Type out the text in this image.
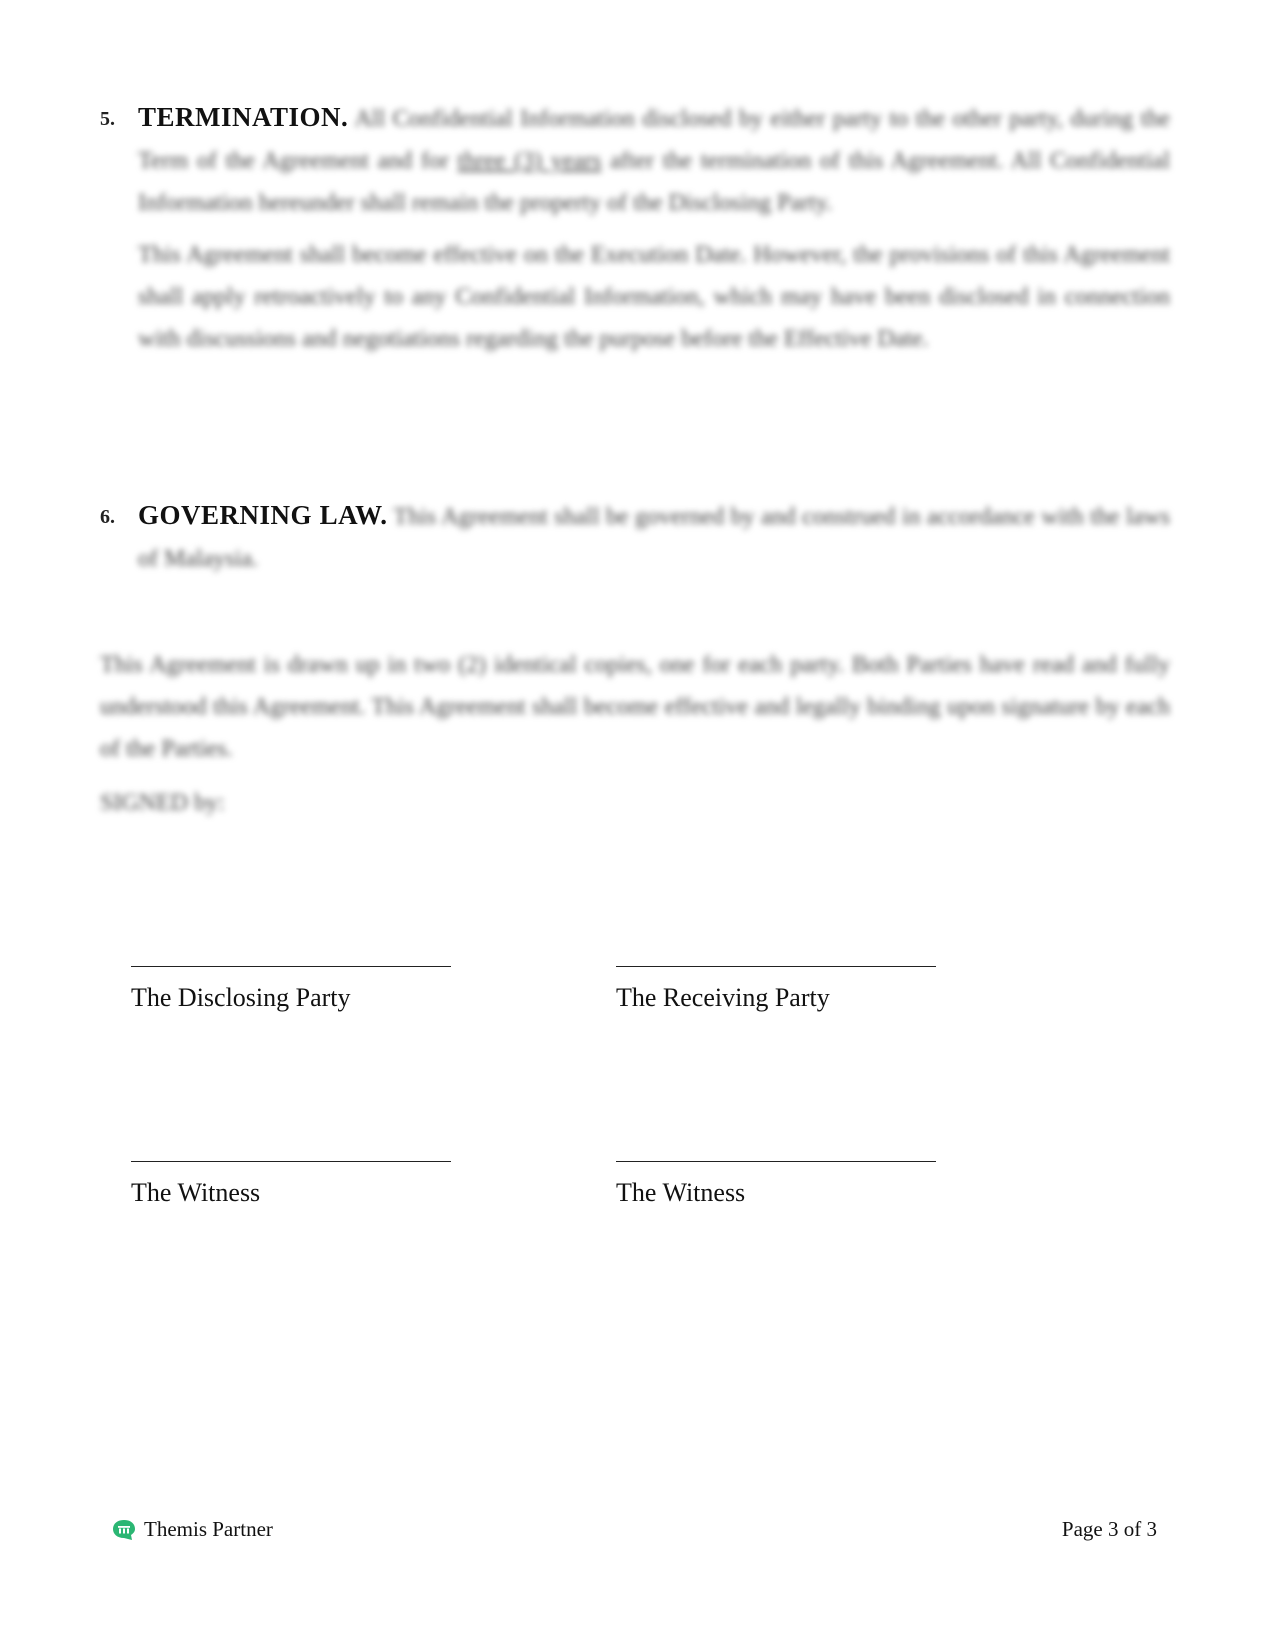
5. TERMINATION. All Confidential Information disclosed by either party to the other party, during the Term of the Agreement and for three (3) years after the termination of this Agreement. All Confidential Information hereunder shall remain the property of the Disclosing Party.

This Agreement shall become effective on the Execution Date. However, the provisions of this Agreement shall apply retroactively to any Confidential Information, which may have been disclosed in connection with discussions and negotiations regarding the purpose before the Effective Date.

6. GOVERNING LAW. This Agreement shall be governed by and construed in accordance with the laws of Malaysia.

This Agreement is drawn up in two (2) identical copies, one for each party. Both Parties have read and fully understood this Agreement. This Agreement shall become effective and legally binding upon signature by each of the Parties.

SIGNED by:
The Disclosing Party	The Receiving Party
The Witness	The Witness
Themis Partner	Page 3 of 3
